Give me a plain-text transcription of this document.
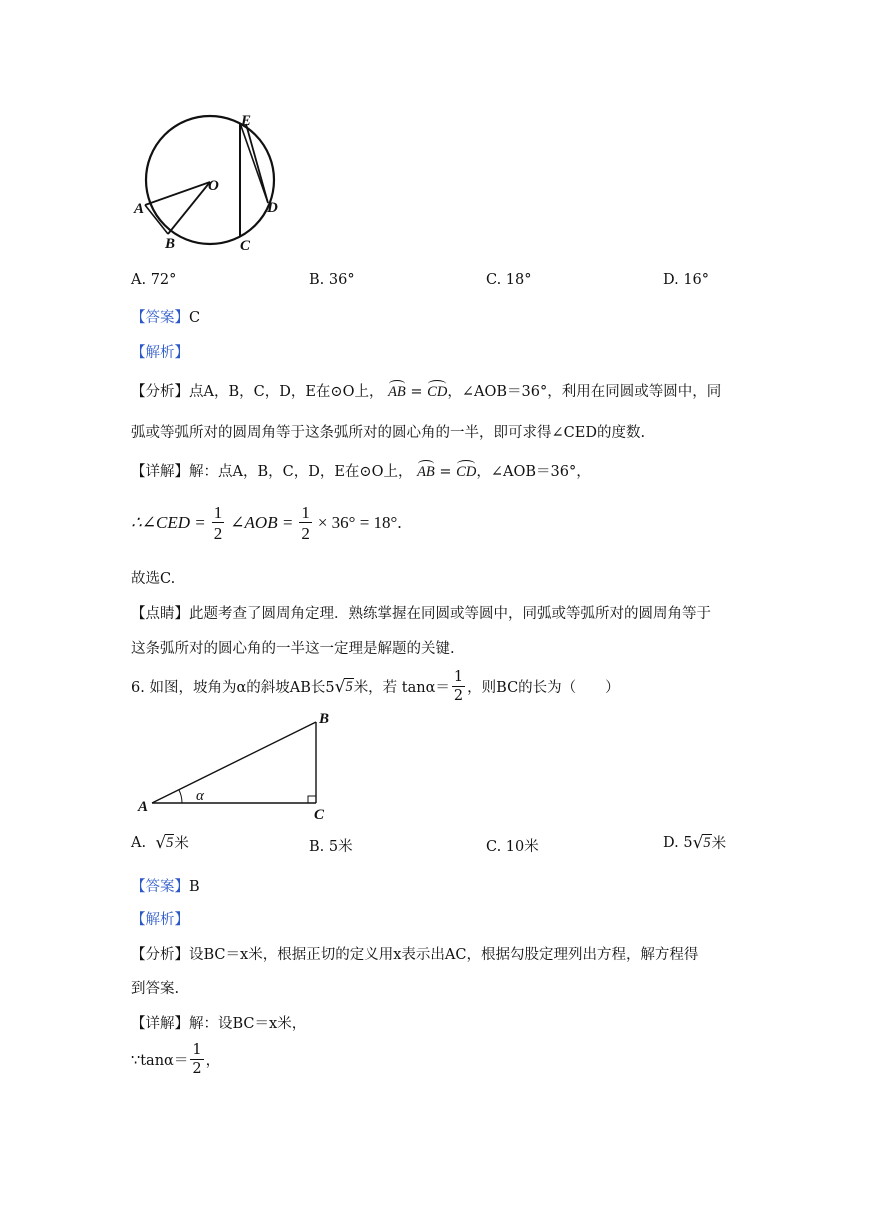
E
O
A	D
B	C
A. 72°	B. 36°	C. 18°	D. 16°
【答案】C
【解析】
【分析】点A，B，C，D，E在⊙O上， AB = CD，∠AOB＝36°，利用在同圆或等圆中，同
弧或等弧所对的圆周角等于这条弧所对的圆心角的一半，即可求得∠CED的度数.
【详解】解：点A，B，C，D，E在⊙O上， AB = CD，∠AOB＝36°，
∴∠CED = $\frac{1}{2}$ ∠AOB = $\frac{1}{2} \times 36^\circ = 18^\circ$.
故选C.
【点睛】此题考查了圆周角定理．熟练掌握在同圆或等圆中，同弧或等弧所对的圆周角等于
这条弧所对的圆心角的一半这一定理是解题的关键.
6. 如图，坡角为α的斜坡AB长5 √ 5 米，若 $\tan\alpha= \frac{1}{2}$ ，则BC的长为（　　）
A
B
C
α
A.
√ 5 米	B. 5米	C. 10米	D. 5 √ 5 米
【答案】B
【解析】
【分析】设BC＝x米，根据正切的定义用x表示出AC，根据勾股定理列出方程，解方程得
到答案.
【详解】解：设BC＝x米，
∵tanα＝ $\frac{1}{2}$ ，
